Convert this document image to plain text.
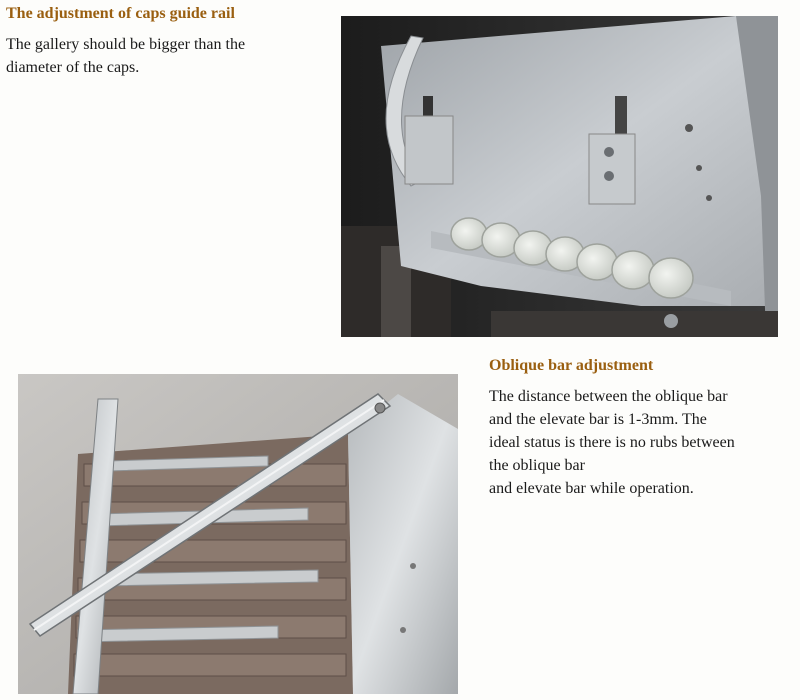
The adjustment of caps guide rail

The gallery should be bigger than the
diameter of the caps.

Oblique bar adjustment

The distance between the oblique bar
and the elevate bar is 1-3mm. The
ideal status is there is no rubs between
the oblique bar
and elevate bar while operation.
